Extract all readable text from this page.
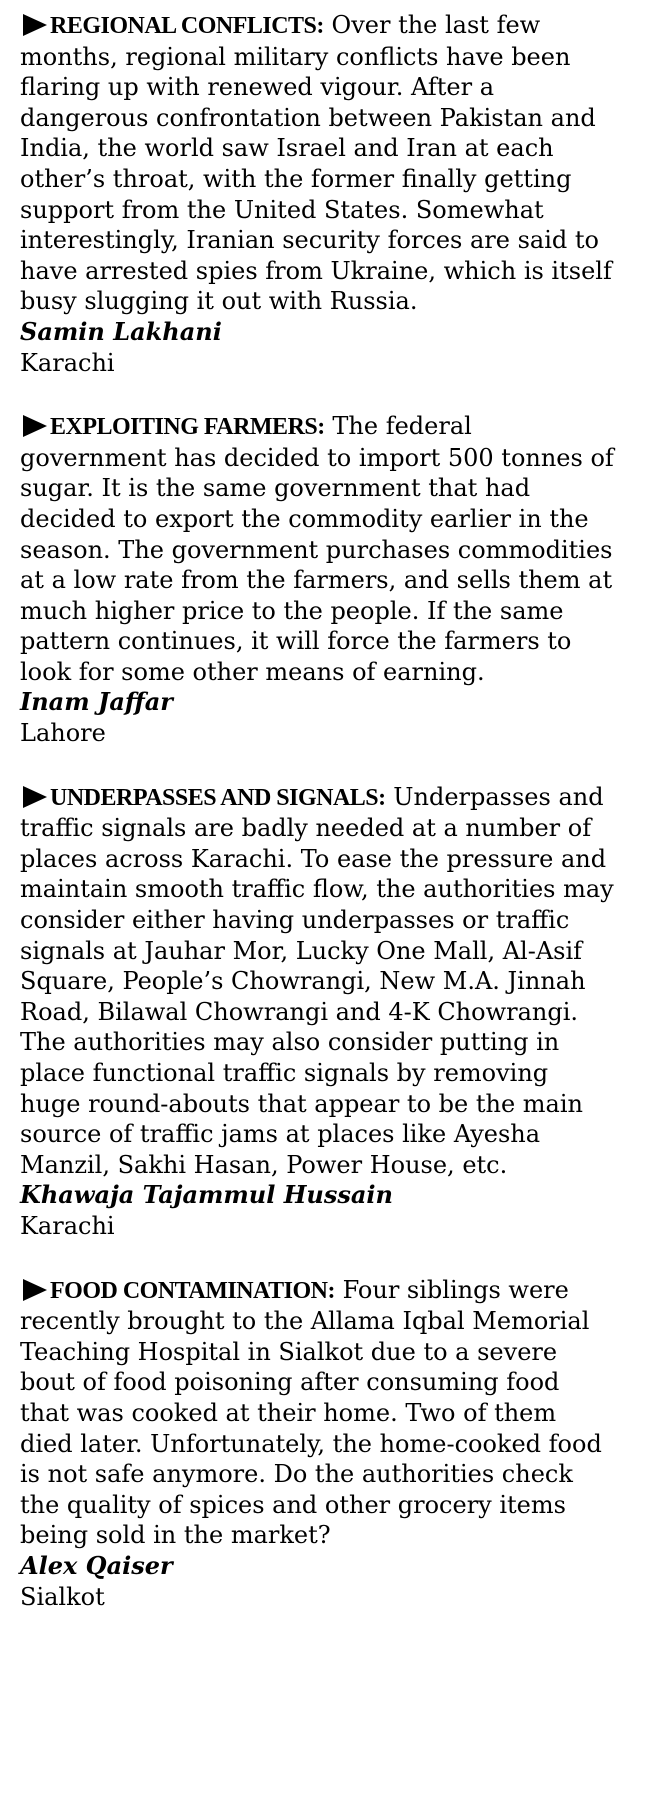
REGIONAL CONFLICTS: Over the last few months, regional military conflicts have been flaring up with renewed vigour. After a dangerous confrontation between Pakistan and India, the world saw Israel and Iran at each other’s throat, with the former finally getting support from the United States. Somewhat interestingly, Iranian security forces are said to have arrested spies from Ukraine, which is itself busy slugging it out with Russia.

Samin Lakhani

Karachi

EXPLOITING FARMERS: The federal government has decided to import 500 tonnes of sugar. It is the same government that had decided to export the commodity earlier in the season. The government purchases commodities at a low rate from the farmers, and sells them at much higher price to the people. If the same pattern continues, it will force the farmers to look for some other means of earning.

Inam Jaffar

Lahore

UNDERPASSES AND SIGNALS: Underpasses and traffic signals are badly needed at a number of places across Karachi. To ease the pressure and maintain smooth traffic flow, the authorities may consider either having underpasses or traffic signals at Jauhar Mor, Lucky One Mall, Al-Asif Square, People’s Chowrangi, New M.A. Jinnah Road, Bilawal Chowrangi and 4-K Chowrangi. The authorities may also consider putting in place functional traffic signals by removing huge round-abouts that appear to be the main source of traffic jams at places like Ayesha Manzil, Sakhi Hasan, Power House, etc.

Khawaja Tajammul Hussain

Karachi

FOOD CONTAMINATION: Four siblings were recently brought to the Allama Iqbal Memorial Teaching Hospital in Sialkot due to a severe bout of food poisoning after consuming food that was cooked at their home. Two of them died later. Unfortunately, the home-cooked food is not safe anymore. Do the authorities check the quality of spices and other grocery items being sold in the market?

Alex Qaiser

Sialkot
